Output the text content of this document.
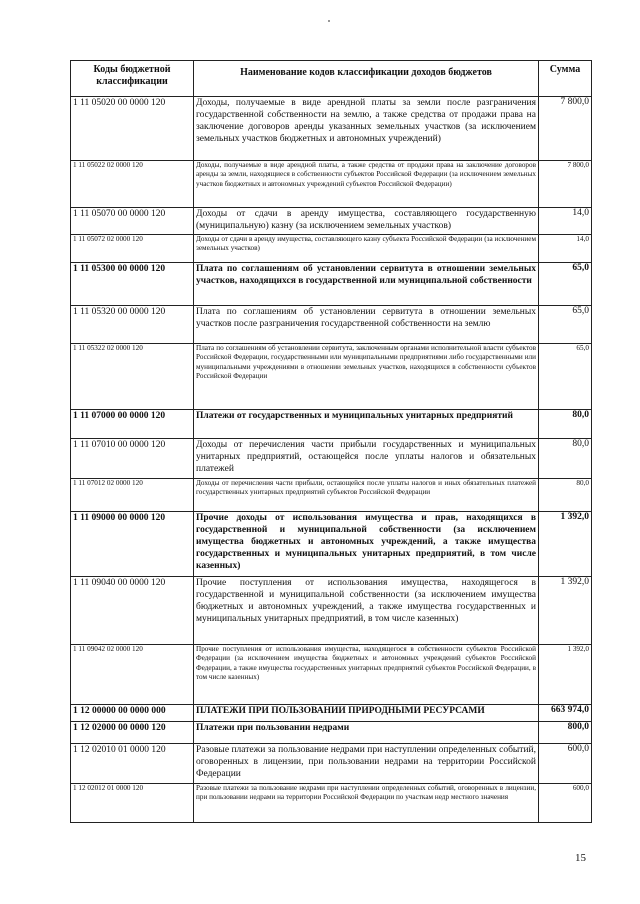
Коды бюджетной классификации	Наименование кодов классификации доходов бюджетов	Сумма
1 11 05020 00 0000 120	Доходы, получаемые в виде арендной платы за земли после разграничения государственной собственности на землю, а также средства от продажи права на заключение договоров аренды указанных земельных участков (за исключением земельных участков бюджетных и автономных учреждений)	7 800,0
1 11 05022 02 0000 120	Доходы, получаемые в виде арендной платы, а также средства от продажи права на заключение договоров аренды за земли, находящиеся в собственности субъектов Российской Федерации (за исключением земельных участков бюджетных и автономных учреждений субъектов Российской Федерации)	7 800,0
1 11 05070 00 0000 120	Доходы от сдачи в аренду имущества, составляющего государственную (муниципальную) казну (за исключением земельных участков)	14,0
1 11 05072 02 0000 120	Доходы от сдачи в аренду имущества, составляющего казну субъекта Российской Федерации (за исключением земельных участков)	14,0
1 11 05300 00 0000 120	Плата по соглашениям об установлении сервитута в отношении земельных участков, находящихся в государственной или муниципальной собственности	65,0
1 11 05320 00 0000 120	Плата по соглашениям об установлении сервитута в отношении земельных участков после разграничения государственной собственности на землю	65,0
1 11 05322 02 0000 120	Плата по соглашениям об установлении сервитута, заключенным органами исполнительной власти субъектов Российской Федерации, государственными или муниципальными предприятиями либо государственными или муниципальными учреждениями в отношении земельных участков, находящихся в собственности субъектов Российской Федерации	65,0
1 11 07000 00 0000 120	Платежи от государственных и муниципальных унитарных предприятий	80,0
1 11 07010 00 0000 120	Доходы от перечисления части прибыли государственных и муниципальных унитарных предприятий, остающейся после уплаты налогов и обязательных платежей	80,0
1 11 07012 02 0000 120	Доходы от перечисления части прибыли, остающейся после уплаты налогов и иных обязательных платежей государственных унитарных предприятий субъектов Российской Федерации	80,0
1 11 09000 00 0000 120	Прочие доходы от использования имущества и прав, находящихся в государственной и муниципальной собственности (за исключением имущества бюджетных и автономных учреждений, а также имущества государственных и муниципальных унитарных предприятий, в том числе казенных)	1 392,0
1 11 09040 00 0000 120	Прочие поступления от использования имущества, находящегося в государственной и муниципальной собственности (за исключением имущества бюджетных и автономных учреждений, а также имущества государственных и муниципальных унитарных предприятий, в том числе казенных)	1 392,0
1 11 09042 02 0000 120	Прочие поступления от использования имущества, находящегося в собственности субъектов Российской Федерации (за исключением имущества бюджетных и автономных учреждений субъектов Российской Федерации, а также имущества государственных унитарных предприятий субъектов Российской Федерации, в том числе казенных)	1 392,0
1 12 00000 00 0000 000	ПЛАТЕЖИ ПРИ ПОЛЬЗОВАНИИ ПРИРОДНЫМИ РЕСУРСАМИ	663 974,0
1 12 02000 00 0000 120	Платежи при пользовании недрами	800,0
1 12 02010 01 0000 120	Разовые платежи за пользование недрами при наступлении определенных событий, оговоренных в лицензии, при пользовании недрами на территории Российской Федерации	600,0
1 12 02012 01 0000 120	Разовые платежи за пользование недрами при наступлении определенных событий, оговоренных в лицензии, при пользовании недрами на территории Российской Федерации по участкам недр местного значения	600,0
15
